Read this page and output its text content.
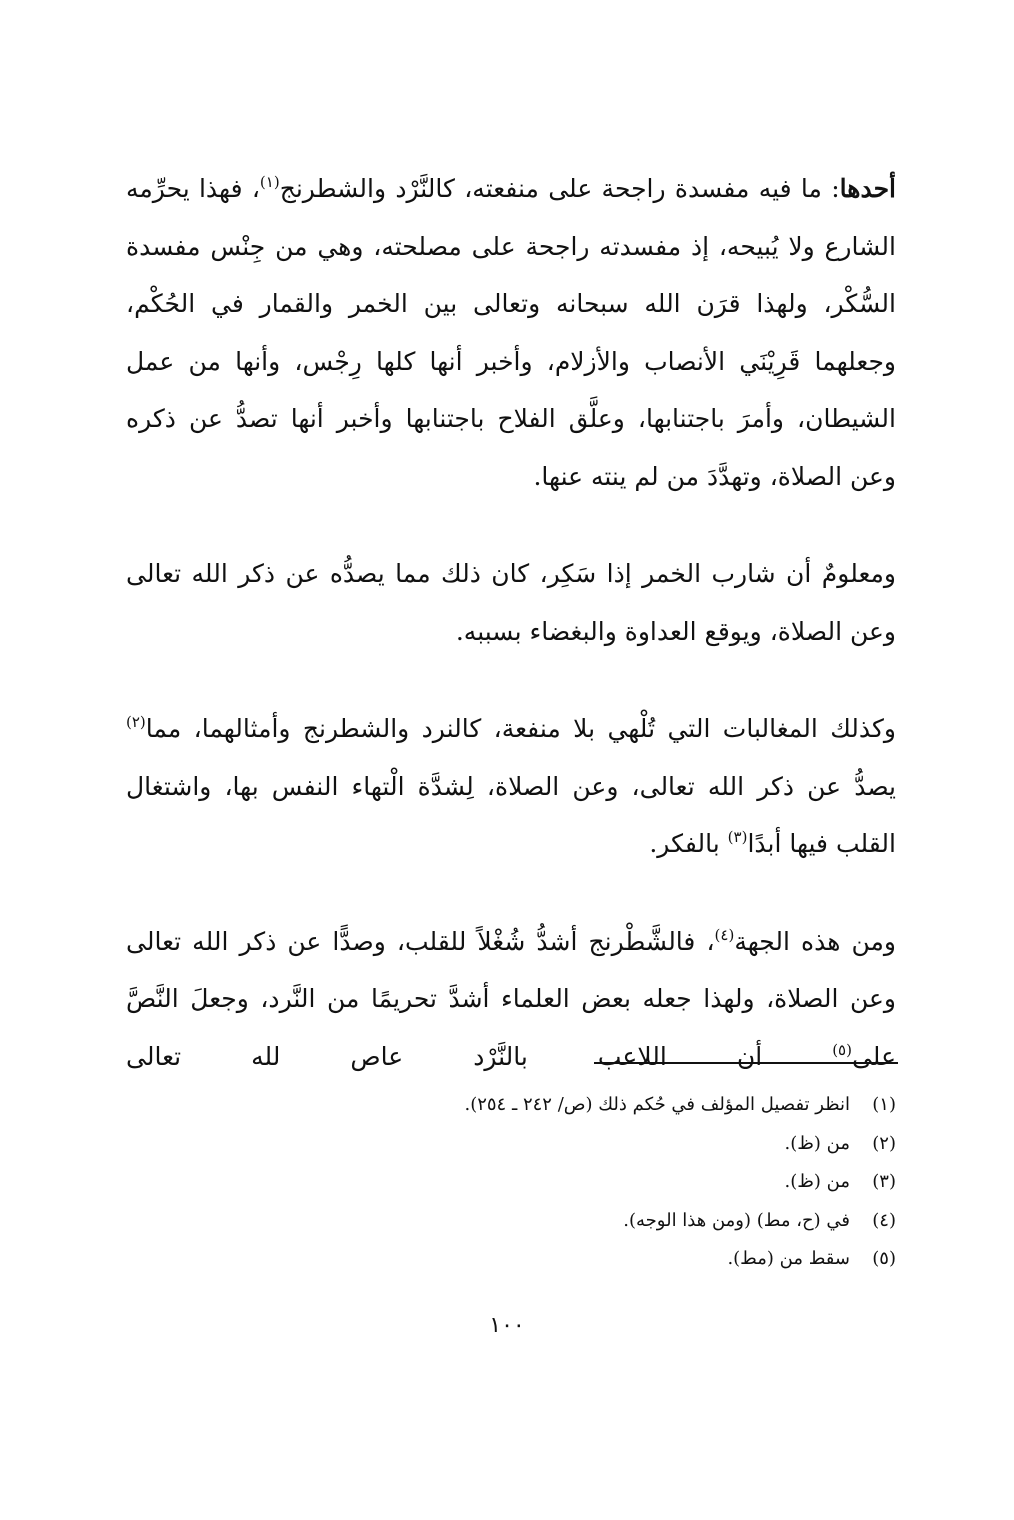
أحدها: ما فيه مفسدة راجحة على منفعته، كالنَّرْد والشطرنج$^{(١)}$، فهذا يحرِّمه الشارع ولا يُبيحه، إذ مفسدته راجحة على مصلحته، وهي من جِنْس مفسدة السُّكْر، ولهذا قرَن الله سبحانه وتعالى بين الخمر والقمار في الحُكْم، وجعلهما قَرِيْنَي الأنصاب والأزلام، وأخبر أنها كلها رِجْس، وأنها من عمل الشيطان، وأمرَ باجتنابها، وعلَّق الفلاح باجتنابها وأخبر أنها تصدُّ عن ذكره وعن الصلاة، وتهدَّدَ من لم ينته عنها.

ومعلومٌ أن شارب الخمر إذا سَكِر، كان ذلك مما يصدُّه عن ذكر الله تعالى وعن الصلاة، ويوقع العداوة والبغضاء بسببه.

وكذلك المغالبات التي تُلْهي بلا منفعة، كالنرد والشطرنج وأمثالهما، مما$^{(٢)}$ يصدُّ عن ذكر الله تعالى، وعن الصلاة، لِشدَّة الْتهاء النفس بها، واشتغال القلب فيها أبدًا$^{(٣)}$ بالفكر.

ومن هذه الجهة$^{(٤)}$، فالشَّطْرنج أشدُّ شُغْلاً للقلب، وصدًّا عن ذكر الله تعالى وعن الصلاة، ولهذا جعله بعض العلماء أشدَّ تحريمًا من النَّرد، وجعلَ النَّصَّ على$^{(٥)}$ أن اللاعب بالنَّرْد عاص لله تعالى

(١)
انظر تفصيل المؤلف في حُكم ذلك (ص/ ٢٤٢ ـ ٢٥٤).
(٢)
من (ظ).
(٣)
من (ظ).
(٤)
في (ح، مط) (ومن هذا الوجه).
(٥)
سقط من (مط).
١٠٠
